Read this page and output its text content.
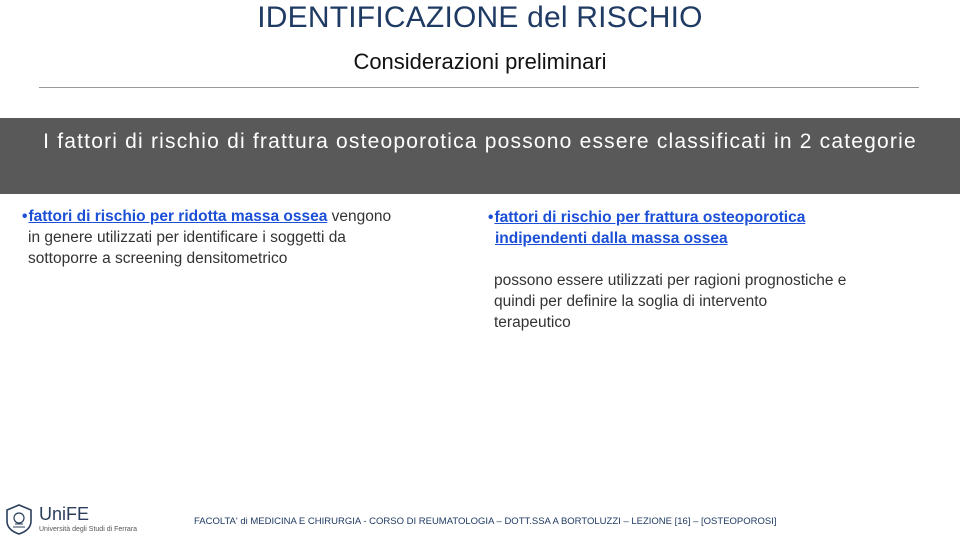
IDENTIFICAZIONE del RISCHIO
Considerazioni preliminari
I fattori di rischio di frattura osteoporotica possono essere classificati in 2 categorie
•fattori di rischio per ridotta massa ossea vengono
in genere utilizzati per identificare i soggetti da
sottoporre a screening densitometrico
•fattori di rischio per frattura osteoporotica
indipendenti dalla massa ossea
possono essere utilizzati per ragioni prognostiche e
quindi per definire la soglia di intervento
terapeutico
UniFE
Università degli Studi di Ferrara
FACOLTA' di MEDICINA E CHIRURGIA - CORSO DI REUMATOLOGIA – DOTT.SSA A BORTOLUZZI – LEZIONE [16] – [OSTEOPOROSI]
